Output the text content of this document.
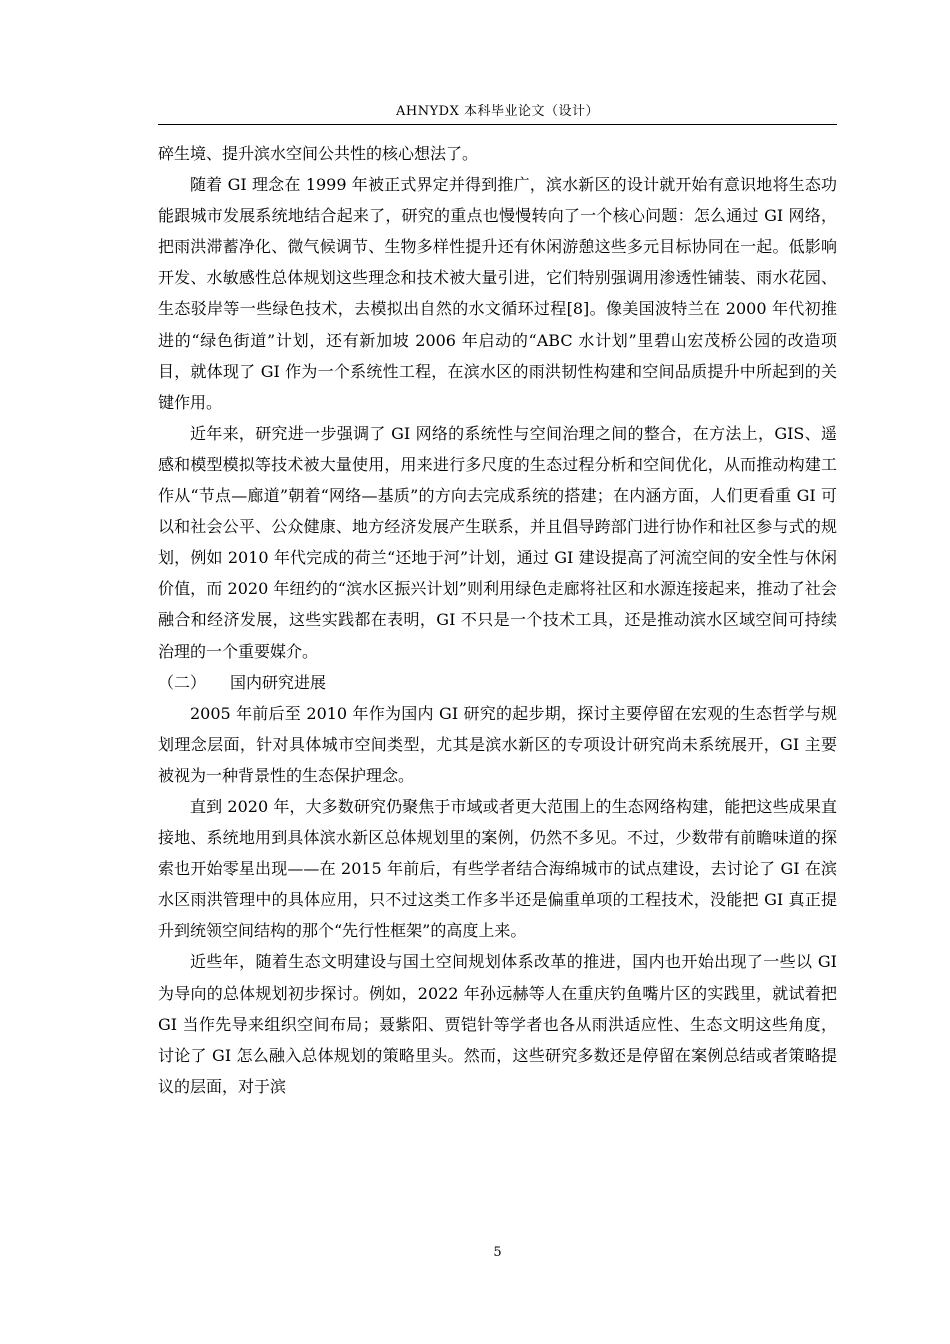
AHNYDX 本科毕业论文（设计）

碎生境、提升滨水空间公共性的核心想法了。

随着 GI 理念在 1999 年被正式界定并得到推广，滨水新区的设计就开始有意识地将生态功能跟城市发展系统地结合起来了，研究的重点也慢慢转向了一个核心问题：怎么通过 GI 网络，把雨洪滞蓄净化、微气候调节、生物多样性提升还有休闲游憩这些多元目标协同在一起。低影响开发、水敏感性总体规划这些理念和技术被大量引进，它们特别强调用渗透性铺装、雨水花园、生态驳岸等一些绿色技术，去模拟出自然的水文循环过程[8]。像美国波特兰在 2000 年代初推进的“绿色街道”计划，还有新加坡 2006 年启动的“ABC 水计划”里碧山宏茂桥公园的改造项目，就体现了 GI 作为一个系统性工程，在滨水区的雨洪韧性构建和空间品质提升中所起到的关键作用。

近年来，研究进一步强调了 GI 网络的系统性与空间治理之间的整合，在方法上，GIS、遥感和模型模拟等技术被大量使用，用来进行多尺度的生态过程分析和空间优化，从而推动构建工作从“节点—廊道”朝着“网络—基质”的方向去完成系统的搭建；在内涵方面，人们更看重 GI 可以和社会公平、公众健康、地方经济发展产生联系，并且倡导跨部门进行协作和社区参与式的规划，例如 2010 年代完成的荷兰“还地于河”计划，通过 GI 建设提高了河流空间的安全性与休闲价值，而 2020 年纽约的“滨水区振兴计划”则利用绿色走廊将社区和水源连接起来，推动了社会融合和经济发展，这些实践都在表明，GI 不只是一个技术工具，还是推动滨水区域空间可持续治理的一个重要媒介。

（二） 国内研究进展

2005 年前后至 2010 年作为国内 GI 研究的起步期，探讨主要停留在宏观的生态哲学与规划理念层面，针对具体城市空间类型，尤其是滨水新区的专项设计研究尚未系统展开，GI 主要被视为一种背景性的生态保护理念。

直到 2020 年，大多数研究仍聚焦于市域或者更大范围上的生态网络构建，能把这些成果直接地、系统地用到具体滨水新区总体规划里的案例，仍然不多见。不过，少数带有前瞻味道的探索也开始零星出现——在 2015 年前后，有些学者结合海绵城市的试点建设，去讨论了 GI 在滨水区雨洪管理中的具体应用，只不过这类工作多半还是偏重单项的工程技术，没能把 GI 真正提升到统领空间结构的那个“先行性框架”的高度上来。

近些年，随着生态文明建设与国土空间规划体系改革的推进，国内也开始出现了一些以 GI 为导向的总体规划初步探讨。例如，2022 年孙远赫等人在重庆钓鱼嘴片区的实践里，就试着把 GI 当作先导来组织空间布局；聂紫阳、贾铠针等学者也各从雨洪适应性、生态文明这些角度，讨论了 GI 怎么融入总体规划的策略里头。然而，这些研究多数还是停留在案例总结或者策略提议的层面，对于滨

5
